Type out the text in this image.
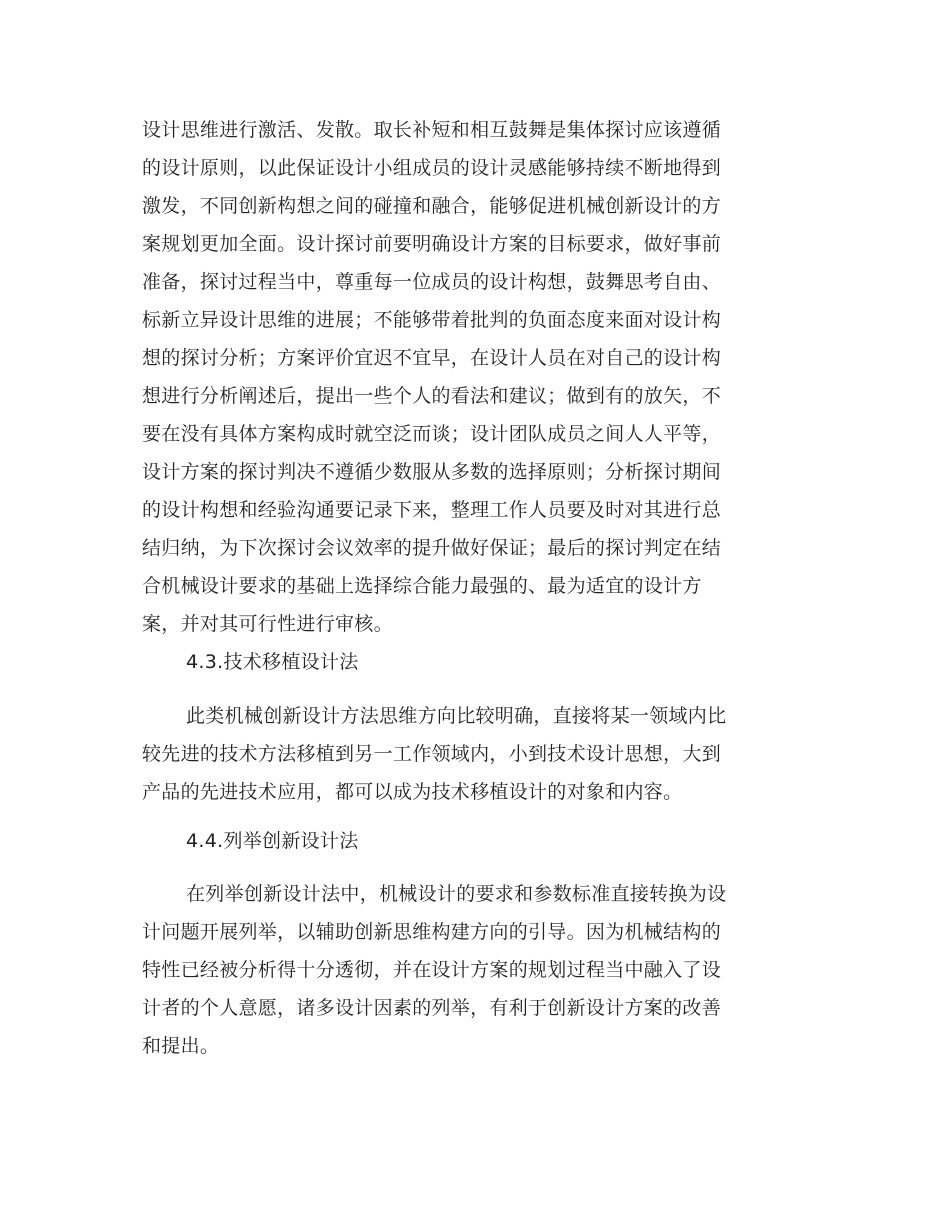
设计思维进行激活、发散。取长补短和相互鼓舞是集体探讨应该遵循
的设计原则，以此保证设计小组成员的设计灵感能够持续不断地得到
激发，不同创新构想之间的碰撞和融合，能够促进机械创新设计的方
案规划更加全面。设计探讨前要明确设计方案的目标要求，做好事前
准备，探讨过程当中，尊重每一位成员的设计构想，鼓舞思考自由、
标新立异设计思维的进展；不能够带着批判的负面态度来面对设计构
想的探讨分析；方案评价宜迟不宜早，在设计人员在对自己的设计构
想进行分析阐述后，提出一些个人的看法和建议；做到有的放矢，不
要在没有具体方案构成时就空泛而谈；设计团队成员之间人人平等，
设计方案的探讨判决不遵循少数服从多数的选择原则；分析探讨期间
的设计构想和经验沟通要记录下来，整理工作人员要及时对其进行总
结归纳，为下次探讨会议效率的提升做好保证；最后的探讨判定在结
合机械设计要求的基础上选择综合能力最强的、最为适宜的设计方
案，并对其可行性进行审核。
4.3.技术移植设计法
此类机械创新设计方法思维方向比较明确，直接将某一领域内比
较先进的技术方法移植到另一工作领域内，小到技术设计思想，大到
产品的先进技术应用，都可以成为技术移植设计的对象和内容。
4.4.列举创新设计法
在列举创新设计法中，机械设计的要求和参数标准直接转换为设
计问题开展列举，以辅助创新思维构建方向的引导。因为机械结构的
特性已经被分析得十分透彻，并在设计方案的规划过程当中融入了设
计者的个人意愿，诸多设计因素的列举，有利于创新设计方案的改善
和提出。
